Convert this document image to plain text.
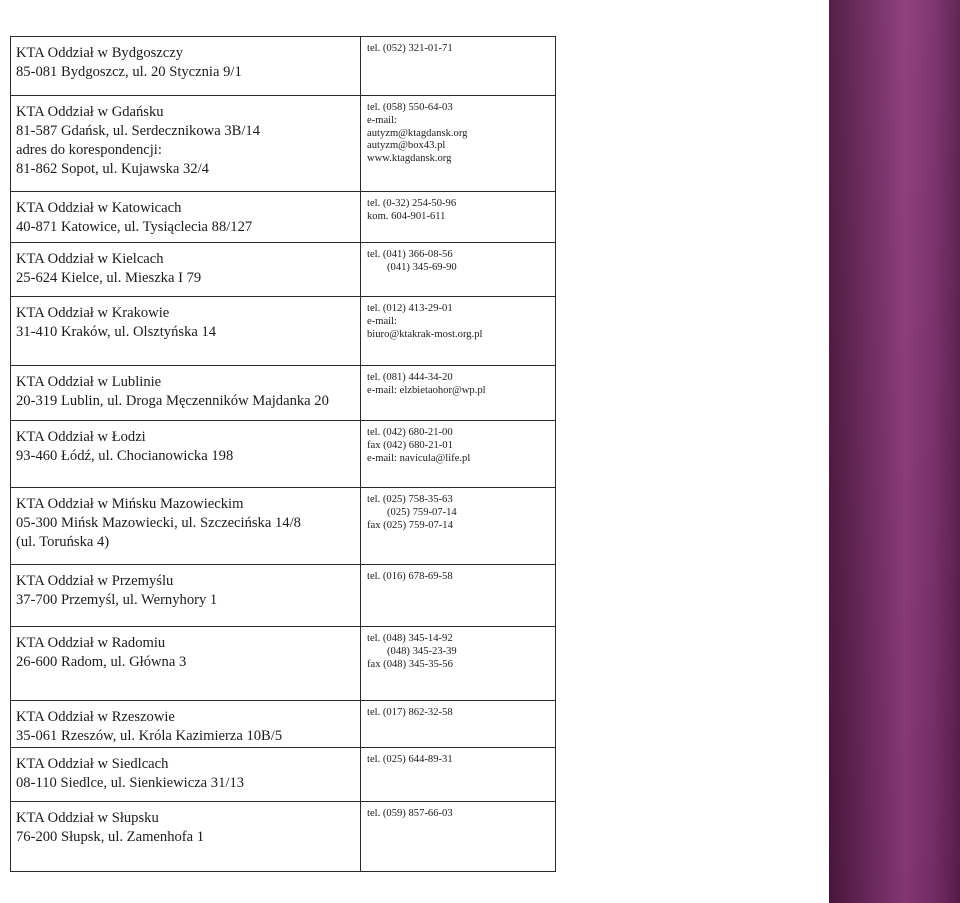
KTA Oddział w Bydgoszczy
85-081 Bydgoszcz, ul. 20 Stycznia 9/1	tel. (052) 321-01-71

KTA Oddział w Gdańsku
81-587 Gdańsk, ul. Serdecznikowa 3B/14
adres do korespondencji:
81-862 Sopot, ul. Kujawska 32/4	tel. (058) 550-64-03
e-mail:
autyzm@ktagdansk.org
autyzm@box43.pl
www.ktagdansk.org

KTA Oddział w Katowicach
40-871 Katowice, ul. Tysiąclecia 88/127	tel. (0-32) 254-50-96
kom. 604-901-611

KTA Oddział w Kielcach
25-624 Kielce, ul. Mieszka I 79	tel. (041) 366-08-56
(041) 345-69-90

KTA Oddział w Krakowie
31-410 Kraków, ul. Olsztyńska 14	tel. (012) 413-29-01
e-mail:
biuro@ktakrak-most.org.pl

KTA Oddział w Lublinie
20-319 Lublin, ul. Droga Męczenników Majdanka 20	tel. (081) 444-34-20
e-mail: elzbietaohor@wp.pl

KTA Oddział w Łodzi
93-460 Łódź, ul. Chocianowicka 198	tel. (042) 680-21-00
fax (042) 680-21-01
e-mail: navicula@life.pl

KTA Oddział w Mińsku Mazowieckim
05-300 Mińsk Mazowiecki, ul. Szczecińska 14/8
(ul. Toruńska 4)	tel. (025) 758-35-63
(025) 759-07-14
fax (025) 759-07-14

KTA Oddział w Przemyślu
37-700 Przemyśl, ul. Wernyhory 1	tel. (016) 678-69-58

KTA Oddział w Radomiu
26-600 Radom, ul. Główna 3	tel. (048) 345-14-92
(048) 345-23-39
fax (048) 345-35-56

KTA Oddział w Rzeszowie
35-061 Rzeszów, ul. Króla Kazimierza 10B/5	tel. (017) 862-32-58

KTA Oddział w Siedlcach
08-110 Siedlce, ul. Sienkiewicza 31/13	tel. (025) 644-89-31

KTA Oddział w Słupsku
76-200 Słupsk, ul. Zamenhofa 1	tel. (059) 857-66-03
